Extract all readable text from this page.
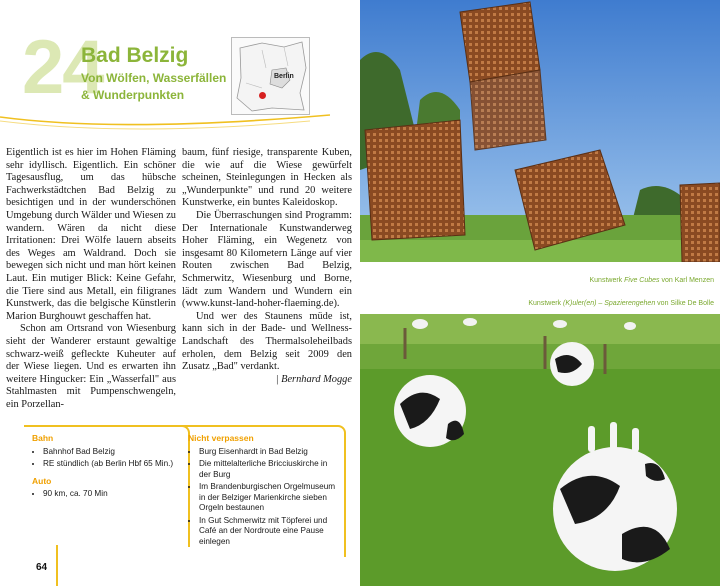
24
Bad Belzig
Von Wölfen, Wasserfällen & Wunderpunkten
Berlin

Eigentlich ist es hier im Hohen Fläming sehr idyllisch. Eigentlich. Ein schöner Tagesausflug, um das hübsche Fachwerkstädtchen Bad Belzig zu besichtigen und in der wunderschönen Umgebung durch Wälder und Wiesen zu wandern. Wären da nicht diese Irritationen: Drei Wölfe lauern abseits des Weges am Waldrand. Doch sie bewegen sich nicht und man hört keinen Laut. Ein mutiger Blick: Keine Gefahr, die Tiere sind aus Metall, ein filigranes Kunstwerk, das die belgische Künstlerin Marion Burghouwt geschaffen hat.

Schon am Ortsrand von Wiesenburg sieht der Wanderer erstaunt gewaltige schwarz-weiß gefleckte Kuheuter auf der Wiese liegen. Und es erwarten ihn weitere Hingucker: Ein „Wasserfall" aus Stahlmasten mit Pumpenschwengeln, ein Porzellan-

baum, fünf riesige, transparente Kuben, die wie auf die Wiese gewürfelt scheinen, Steinlegungen in Hecken als „Wunderpunkte" und rund 20 weitere Kunstwerke, ein buntes Kaleidoskop.

Die Überraschungen sind Programm: Der Internationale Kunstwanderweg Hoher Fläming, ein Wegenetz von insgesamt 80 Kilometern Länge auf vier Routen zwischen Bad Belzig, Schmerwitz, Wiesenburg und Borne, lädt zum Wandern und Wundern ein (www.kunst-land-hoher-flaeming.de).

Und wer des Staunens müde ist, kann sich in der Bade- und Wellness-Landschaft des Thermalsoleheilbads erholen, dem Belzig seit 2009 den Zusatz „Bad" verdankt.

| Bernhard Mogge

Bahn
• Bahnhof Bad Belzig
• RE stündlich (ab Berlin Hbf 65 Min.)
Auto
• 90 km, ca. 70 Min
Nicht verpassen
• Burg Eisenhardt in Bad Belzig
• Die mittelalterliche Bricciuskirche in der Burg
• Im Brandenburgischen Orgelmuseum in der Belziger Marienkirche sieben Orgeln bestaunen
• In Gut Schmerwitz mit Töpferei und Café an der Nordroute eine Pause einlegen
64
Kunstwerk Five Cubes von Karl Menzen
Kunstwerk (K)uler(en) – Spazierengehen von Silke De Bolle
